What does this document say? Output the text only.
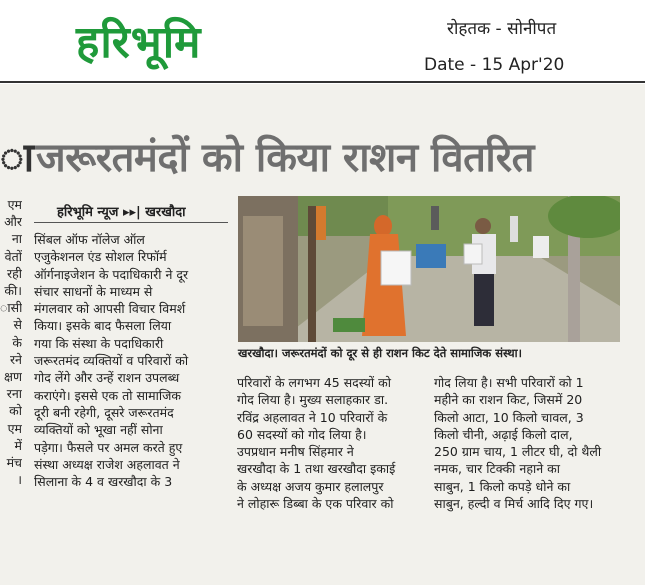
हरिभूमि	रोहतक - सोनीपत
Date - 15 Apr'20
ा जरूरतमंदों को किया राशन वितरित
एम
और
ना
वेतों
रही
की।
ासी
से
के
रने
क्षण
रना
को
एम
में
मंच
।
हरिभूमि न्यूज ▸▸| खरखौदा
सिंबल ऑफ नॉलेज ऑल
एजुकेशनल एंड सोशल रिफॉर्म
ऑर्गनाइजेशन के पदाधिकारी ने दूर
संचार साधनों के माध्यम से
मंगलवार को आपसी विचार विमर्श
किया। इसके बाद फैसला लिया
गया कि संस्था के पदाधिकारी
जरूरतमंद व्यक्तियों व परिवारों को
गोद लेंगे और उन्हें राशन उपलब्ध
कराएंगे। इससे एक तो सामाजिक
दूरी बनी रहेगी, दूसरे जरूरतमंद
व्यक्तियों को भूखा नहीं सोना
पड़ेगा। फैसले पर अमल करते हुए
संस्था अध्यक्ष राजेश अहलावत ने
सिलाना के 4 व खरखौदा के 3
खरखौदा। जरूरतमंदों को दूर से ही राशन किट देते सामाजिक संस्था।
परिवारों के लगभग 45 सदस्यों को
गोद लिया है। मुख्य सलाहकार डा.
रविंद्र अहलावत ने 10 परिवारों के
60 सदस्यों को गोद लिया है।
उपप्रधान मनीष सिंहमार ने
खरखौदा के 1 तथा खरखौदा इकाई
के अध्यक्ष अजय कुमार हलालपुर
ने लोहारू डिब्बा के एक परिवार को
गोद लिया है। सभी परिवारों को 1
महीने का राशन किट, जिसमें 20
किलो आटा, 10 किलो चावल, 3
किलो चीनी, अढ़ाई किलो दाल,
250 ग्राम चाय, 1 लीटर घी, दो थैली
नमक, चार टिक्की नहाने का
साबुन, 1 किलो कपड़े धोने का
साबुन, हल्दी व मिर्च आदि दिए गए।
